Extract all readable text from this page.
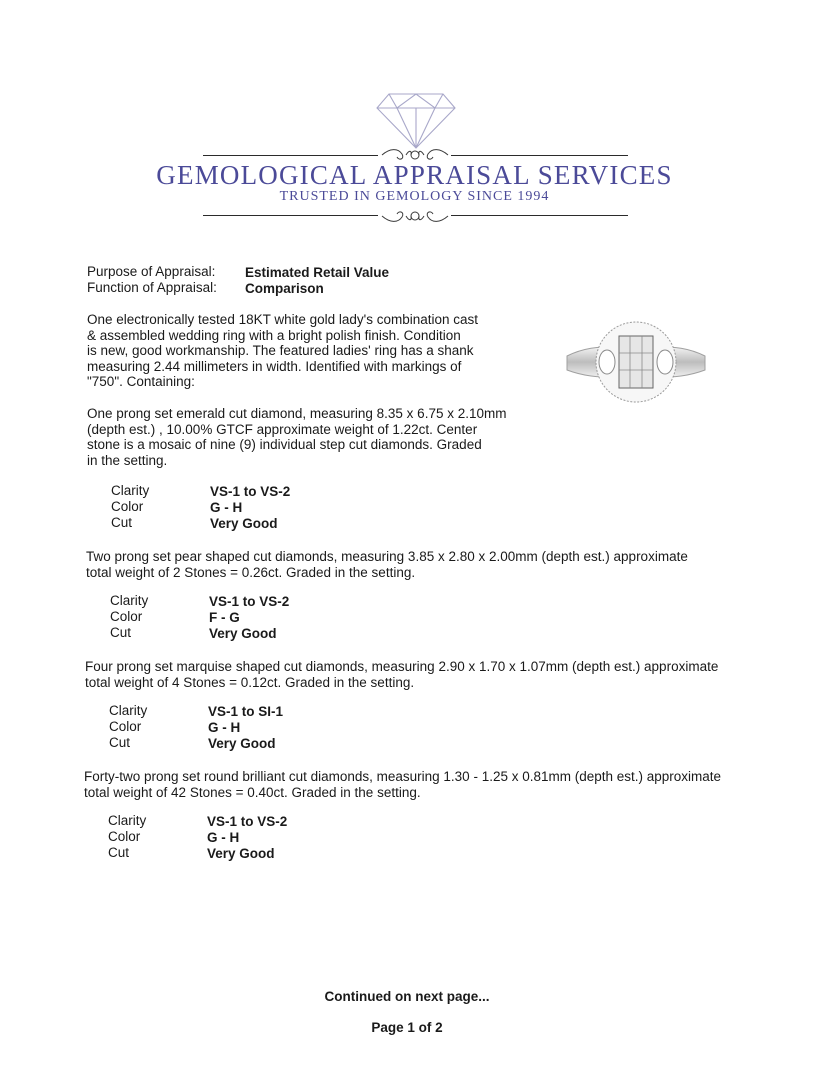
GEMOLOGICAL APPRAISAL SERVICES
TRUSTED IN GEMOLOGY SINCE 1994
Purpose of Appraisal: Estimated Retail Value
Function of Appraisal: Comparison
One electronically tested 18KT white gold lady's combination cast
& assembled wedding ring with a bright polish finish. Condition
is new, good workmanship. The featured ladies' ring has a shank
measuring 2.44 millimeters in width. Identified with markings of
"750". Containing:
One prong set emerald cut diamond, measuring 8.35 x 6.75 x 2.10mm
(depth est.) , 10.00% GTCF approximate weight of 1.22ct. Center
stone is a mosaic of nine (9) individual step cut diamonds. Graded
in the setting.
Clarity	VS-1 to VS-2
Color	G - H
Cut	Very Good
Two prong set pear shaped cut diamonds, measuring 3.85 x 2.80 x 2.00mm (depth est.) approximate
total weight of 2 Stones = 0.26ct. Graded in the setting.
Clarity	VS-1 to VS-2
Color	F - G
Cut	Very Good
Four prong set marquise shaped cut diamonds, measuring 2.90 x 1.70 x 1.07mm (depth est.) approximate
total weight of 4 Stones = 0.12ct. Graded in the setting.
Clarity	VS-1 to SI-1
Color	G - H
Cut	Very Good
Forty-two prong set round brilliant cut diamonds, measuring 1.30 - 1.25 x 0.81mm (depth est.) approximate
total weight of 42 Stones = 0.40ct. Graded in the setting.
Clarity	VS-1 to VS-2
Color	G - H
Cut	Very Good
Continued on next page...
Page 1 of 2
